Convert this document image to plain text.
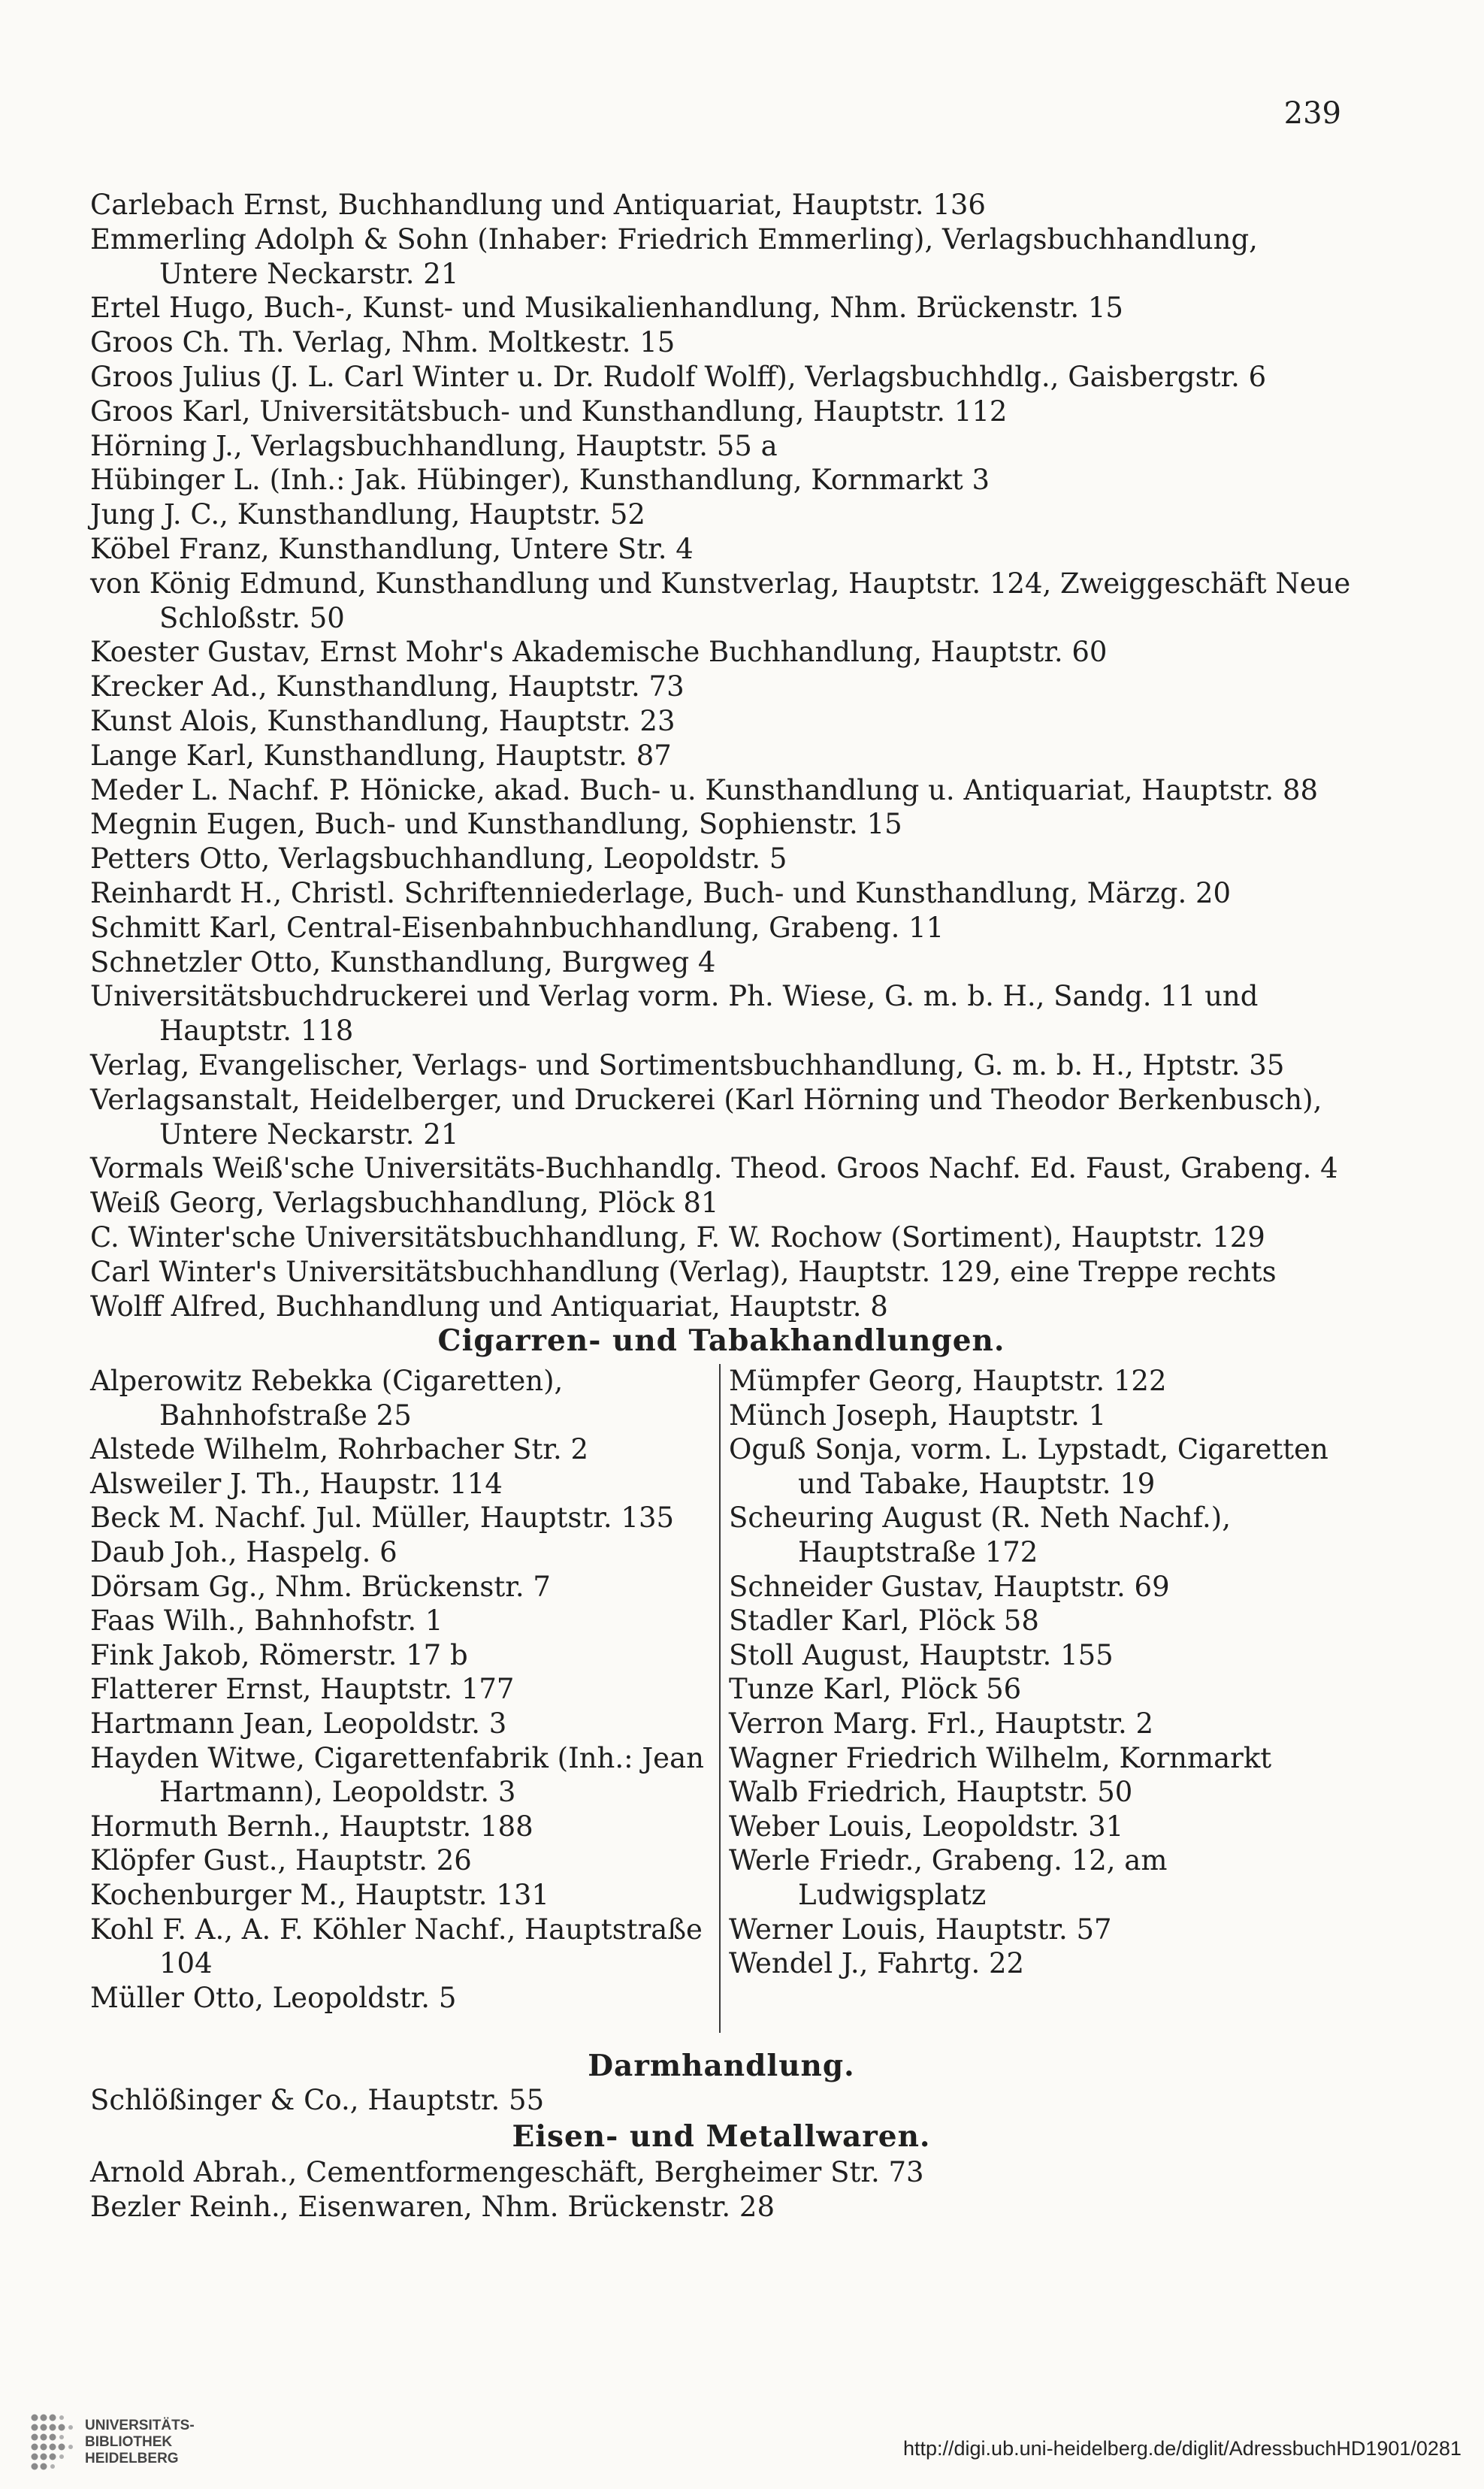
239
Carlebach Ernst, Buchhandlung und Antiquariat, Hauptstr. 136
Emmerling Adolph & Sohn (Inhaber: Friedrich Emmerling), Verlagsbuchhandlung, Untere Neckarstr. 21
Ertel Hugo, Buch-, Kunst- und Musikalienhandlung, Nhm. Brückenstr. 15
Groos Ch. Th. Verlag, Nhm. Moltkestr. 15
Groos Julius (J. L. Carl Winter u. Dr. Rudolf Wolff), Verlagsbuchhdlg., Gaisbergstr. 6
Groos Karl, Universitätsbuch- und Kunsthandlung, Hauptstr. 112
Hörning J., Verlagsbuchhandlung, Hauptstr. 55 a
Hübinger L. (Inh.: Jak. Hübinger), Kunsthandlung, Kornmarkt 3
Jung J. C., Kunsthandlung, Hauptstr. 52
Köbel Franz, Kunsthandlung, Untere Str. 4
von König Edmund, Kunsthandlung und Kunstverlag, Hauptstr. 124, Zweiggeschäft Neue Schloßstr. 50
Koester Gustav, Ernst Mohr's Akademische Buchhandlung, Hauptstr. 60
Krecker Ad., Kunsthandlung, Hauptstr. 73
Kunst Alois, Kunsthandlung, Hauptstr. 23
Lange Karl, Kunsthandlung, Hauptstr. 87
Meder L. Nachf. P. Hönicke, akad. Buch- u. Kunsthandlung u. Antiquariat, Hauptstr. 88
Megnin Eugen, Buch- und Kunsthandlung, Sophienstr. 15
Petters Otto, Verlagsbuchhandlung, Leopoldstr. 5
Reinhardt H., Christl. Schriftenniederlage, Buch- und Kunsthandlung, Märzg. 20
Schmitt Karl, Central-Eisenbahnbuchhandlung, Grabeng. 11
Schnetzler Otto, Kunsthandlung, Burgweg 4
Universitätsbuchdruckerei und Verlag vorm. Ph. Wiese, G. m. b. H., Sandg. 11 und Hauptstr. 118
Verlag, Evangelischer, Verlags- und Sortimentsbuchhandlung, G. m. b. H., Hptstr. 35
Verlagsanstalt, Heidelberger, und Druckerei (Karl Hörning und Theodor Berkenbusch), Untere Neckarstr. 21
Vormals Weiß'sche Universitäts-Buchhandlg. Theod. Groos Nachf. Ed. Faust, Grabeng. 4
Weiß Georg, Verlagsbuchhandlung, Plöck 81
C. Winter'sche Universitätsbuchhandlung, F. W. Rochow (Sortiment), Hauptstr. 129
Carl Winter's Universitätsbuchhandlung (Verlag), Hauptstr. 129, eine Treppe rechts
Wolff Alfred, Buchhandlung und Antiquariat, Hauptstr. 8
Cigarren- und Tabakhandlungen.
Alperowitz Rebekka (Cigaretten), Bahnhofstraße 25
Alstede Wilhelm, Rohrbacher Str. 2
Alsweiler J. Th., Haupstr. 114
Beck M. Nachf. Jul. Müller, Hauptstr. 135
Daub Joh., Haspelg. 6
Dörsam Gg., Nhm. Brückenstr. 7
Faas Wilh., Bahnhofstr. 1
Fink Jakob, Römerstr. 17 b
Flatterer Ernst, Hauptstr. 177
Hartmann Jean, Leopoldstr. 3
Hayden Witwe, Cigarettenfabrik (Inh.: Jean Hartmann), Leopoldstr. 3
Hormuth Bernh., Hauptstr. 188
Klöpfer Gust., Hauptstr. 26
Kochenburger M., Hauptstr. 131
Kohl F. A., A. F. Köhler Nachf., Hauptstraße 104
Müller Otto, Leopoldstr. 5
Mümpfer Georg, Hauptstr. 122
Münch Joseph, Hauptstr. 1
Oguß Sonja, vorm. L. Lypstadt, Cigaretten und Tabake, Hauptstr. 19
Scheuring August (R. Neth Nachf.), Hauptstraße 172
Schneider Gustav, Hauptstr. 69
Stadler Karl, Plöck 58
Stoll August, Hauptstr. 155
Tunze Karl, Plöck 56
Verron Marg. Frl., Hauptstr. 2
Wagner Friedrich Wilhelm, Kornmarkt
Walb Friedrich, Hauptstr. 50
Weber Louis, Leopoldstr. 31
Werle Friedr., Grabeng. 12, am Ludwigsplatz
Werner Louis, Hauptstr. 57
Wendel J., Fahrtg. 22
Darmhandlung.
Schlößinger & Co., Hauptstr. 55
Eisen- und Metallwaren.
Arnold Abrah., Cementformengeschäft, Bergheimer Str. 73
Bezler Reinh., Eisenwaren, Nhm. Brückenstr. 28
UNIVERSITÄTS-
BIBLIOTHEK
HEIDELBERG	http://digi.ub.uni-heidelberg.de/diglit/AdressbuchHD1901/0281
